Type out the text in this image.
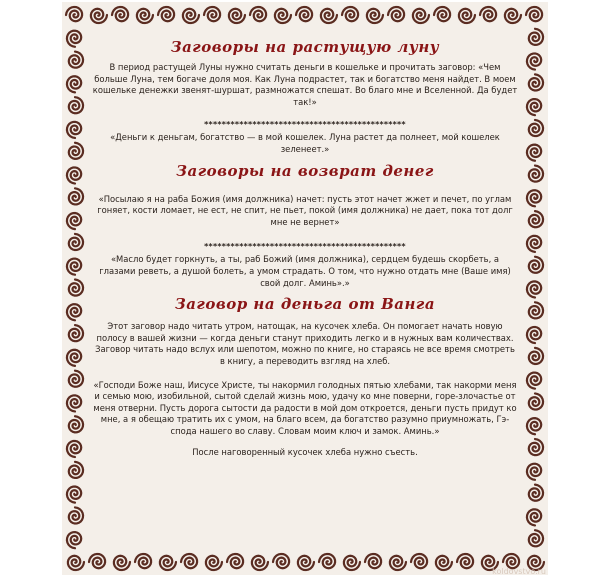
Заговоры на растущую луну

В период растущей Луны нужно считать деньги в кошельке и прочитать заговор: «Чем больше Луна, тем богаче доля моя. Как Луна подрастет, так и богатство меня найдет. В моем кошельке денежки звенят-шуршат, размножатся спешат. Во благо мне и Вселенной. Да будет так!»

**********************************************

«Деньги к деньгам, богатство — в мой кошелек. Луна растет да полнеет, мой кошелек зеленеет.»

Заговоры на возврат денег

«Посылаю я на раба Божия (имя должника) начет: пусть этот начет жжет и печет, по углам гоняет, кости ломает, не ест, не спит, не пьет, покой (имя должника) не дает, пока тот долг мне не вернет»

**********************************************

«Масло будет горкнуть, а ты, раб Божий (имя должника), сердцем будешь скорбеть, а глазами реветь, а душой болеть, а умом страдать. О том, что нужно отдать мне (Ваше имя) свой долг. Аминь».»

Заговор на деньга от Ванга

Этот заговор надо читать утром, натощак, на кусочек хлеба. Он помогает начать новую полосу в вашей жизни — когда деньги станут приходить легко и в нужных вам количествах. Заговор читать надо вслух или шепотом, можно по книге, но стараясь не все время смотреть в книгу, а переводить взгляд на хлеб.

«Господи Боже наш, Иисусе Христе, ты накормил голодных пятью хлебами, так накорми меня и семью мою, изобильной, сытой сделай жизнь мою, удачу ко мне поверни, горе-злочастье от меня отверни. Пусть дорога сытости да радости в мой дом откроется, деньги пусть придут ко мне, а я обещаю тратить их с умом, на благо всем, да богатство разумно приумножать, Гэ-спода нашего во славу. Словам моим ключ и замок. Аминь.»

После наговоренный кусочек хлеба нужно съесть.

koldovstvo.ru
